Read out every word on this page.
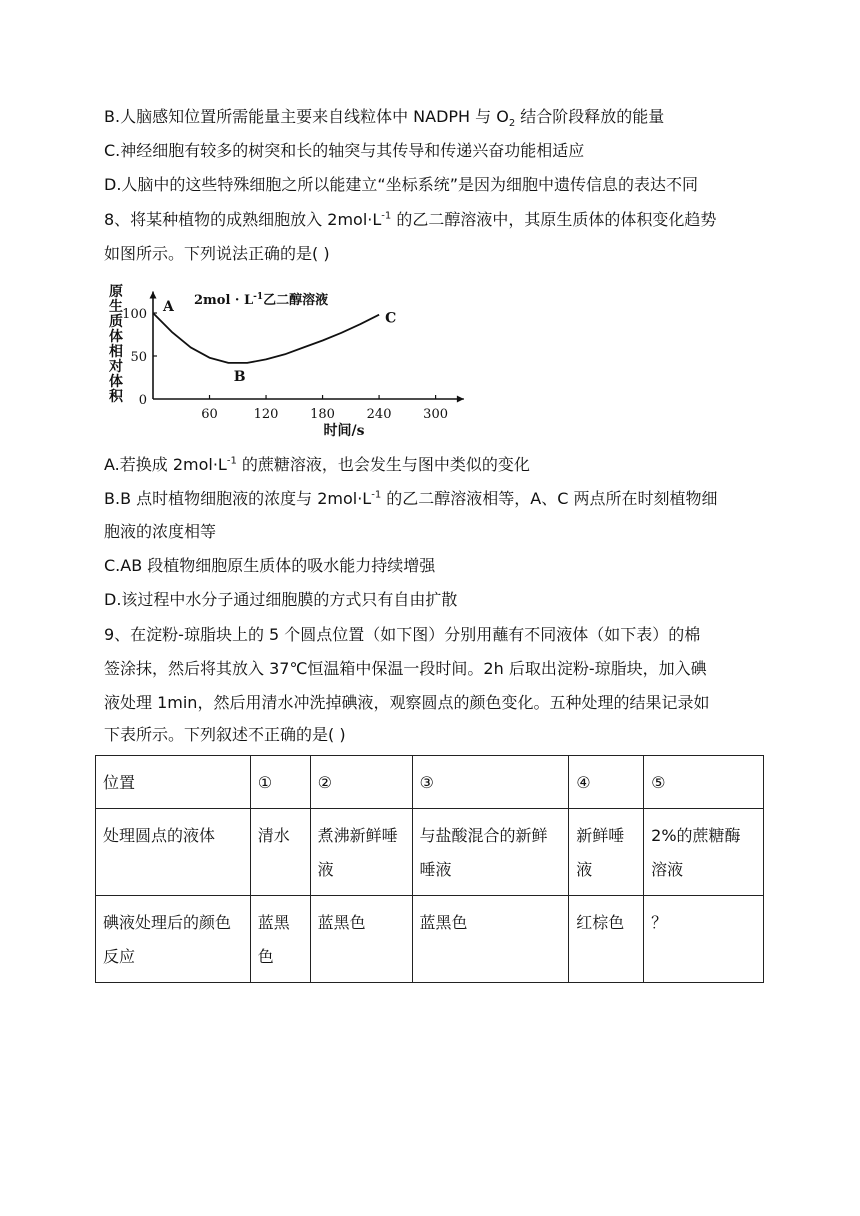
B.人脑感知位置所需能量主要来自线粒体中 NADPH 与 $O_2$ 结合阶段释放的能量
C.神经细胞有较多的树突和长的轴突与其传导和传递兴奋功能相适应
D.人脑中的这些特殊细胞之所以能建立“坐标系统”是因为细胞中遗传信息的表达不同
8、将某种植物的成熟细胞放入 $2mol\cdot L^{-1}$ 的乙二醇溶液中，其原生质体的体积变化趋势
如图所示。下列说法正确的是( )
60	120 180 240 300
0
50
100 A
B
C
$2mol \cdot L^{-1}$乙二醇溶液
原生质体相对体积
时间/s
A.若换成 $2mol\cdot L^{-1}$ 的蔗糖溶液，也会发生与图中类似的变化
B.B 点时植物细胞液的浓度与 $2mol\cdot L^{-1}$ 的乙二醇溶液相等，A、C 两点所在时刻植物细
胞液的浓度相等
C.AB 段植物细胞原生质体的吸水能力持续增强
D.该过程中水分子通过细胞膜的方式只有自由扩散
9、在淀粉-琼脂块上的 5 个圆点位置（如下图）分别用蘸有不同液体（如下表）的棉
签涂抹，然后将其放入 37℃恒温箱中保温一段时间。2h 后取出淀粉-琼脂块，加入碘
液处理 1min，然后用清水冲洗掉碘液，观察圆点的颜色变化。五种处理的结果记录如
下表所示。下列叙述不正确的是( )
位置	①	②	③	④	⑤
处理圆点的液体	清水	煮沸新鲜唾液	与盐酸混合的新鲜唾液	新鲜唾液	2%的蔗糖酶溶液
碘液处理后的颜色反应	蓝黑色	蓝黑色	蓝黑色	红棕色	？
